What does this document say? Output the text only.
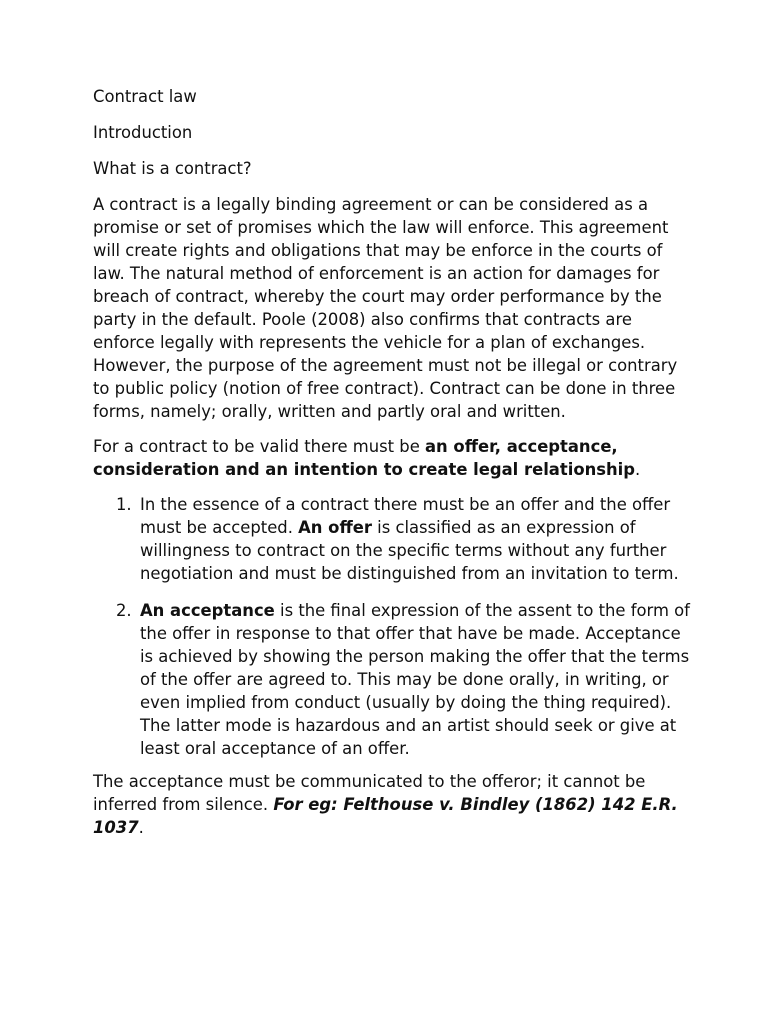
Contract law

Introduction

What is a contract?

A contract is a legally binding agreement or can be considered as a promise or set of promises which the law will enforce. This agreement will create rights and obligations that may be enforce in the courts of law. The natural method of enforcement is an action for damages for breach of contract, whereby the court may order performance by the party in the default. Poole (2008) also confirms that contracts are enforce legally with represents the vehicle for a plan of exchanges. However, the purpose of the agreement must not be illegal or contrary to public policy (notion of free contract). Contract can be done in three forms, namely; orally, written and partly oral and written.

For a contract to be valid there must be an offer, acceptance, consideration and an intention to create legal relationship.

1. In the essence of a contract there must be an offer and the offer must be accepted. An offer is classified as an expression of willingness to contract on the specific terms without any further negotiation and must be distinguished from an invitation to term.
2. An acceptance is the final expression of the assent to the form of the offer in response to that offer that have be made. Acceptance is achieved by showing the person making the offer that the terms of the offer are agreed to. This may be done orally, in writing, or even implied from conduct (usually by doing the thing required). The latter mode is hazardous and an artist should seek or give at least oral acceptance of an offer.

The acceptance must be communicated to the offeror; it cannot be inferred from silence. For eg: Felthouse v. Bindley (1862) 142 E.R. 1037.
